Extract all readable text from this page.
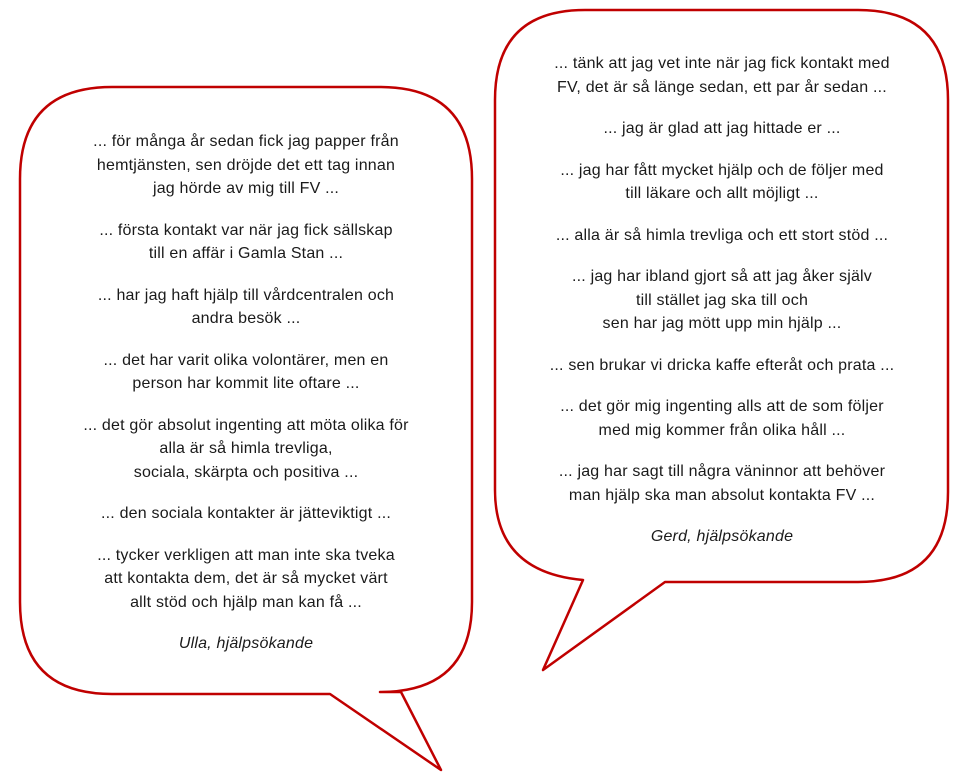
... för många år sedan fick jag papper från
hemtjänsten, sen dröjde det ett tag innan
jag hörde av mig till FV ...
... första kontakt var när jag fick sällskap
till en affär i Gamla Stan ...
... har jag haft hjälp till vårdcentralen och
andra besök ...
... det har varit olika volontärer, men en
person har kommit lite oftare ...
... det gör absolut ingenting att möta olika för
alla är så himla trevliga,
sociala, skärpta och positiva ...
... den sociala kontakter är jätteviktigt ...
... tycker verkligen att man inte ska tveka
att kontakta dem, det är så mycket värt
allt stöd och hjälp man kan få ...
Ulla, hjälpsökande
... tänk att jag vet inte när jag fick kontakt med
FV, det är så länge sedan, ett par år sedan ...
... jag är glad att jag hittade er ...
... jag har fått mycket hjälp och de följer med
till läkare och allt möjligt ...
... alla är så himla trevliga och ett stort stöd ...
... jag har ibland gjort så att jag åker själv
till stället jag ska till och
sen har jag mött upp min hjälp ...
... sen brukar vi dricka kaffe efteråt och prata ...
... det gör mig ingenting alls att de som följer
med mig kommer från olika håll ...
... jag har sagt till några väninnor att behöver
man hjälp ska man absolut kontakta FV ...
Gerd, hjälpsökande
